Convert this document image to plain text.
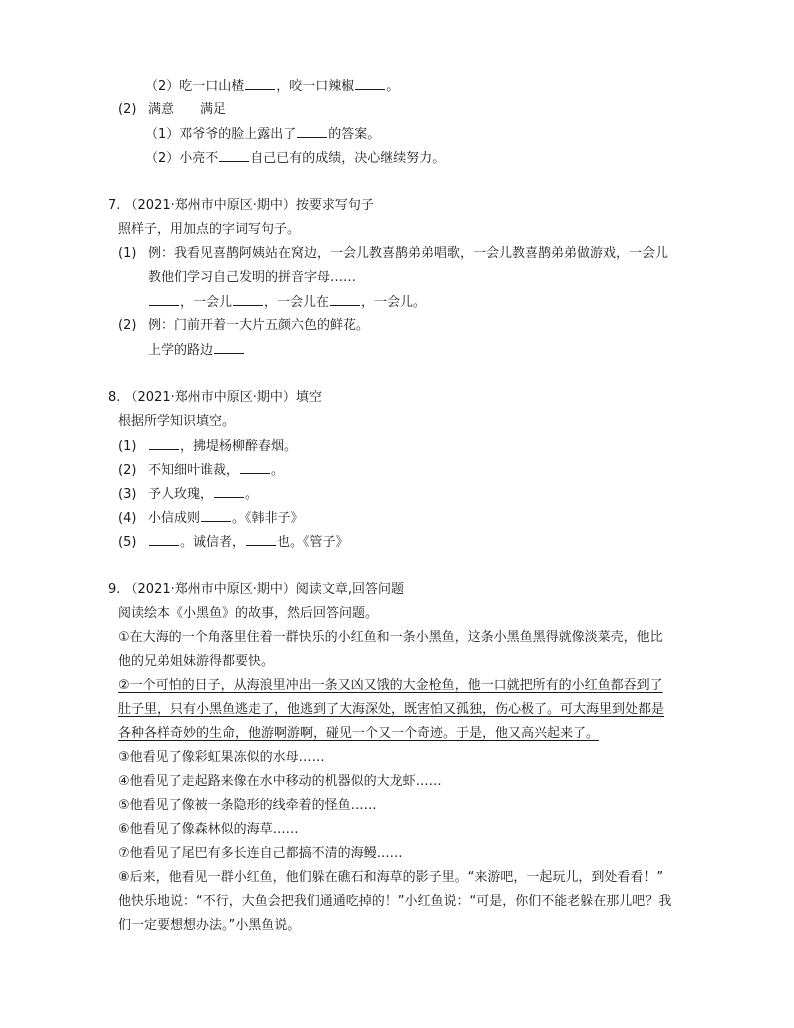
（2）吃一口山楂 ，咬一口辣椒 。
(2) 满意　　满足
（1）邓爷爷的脸上露出了 的答案。
（2）小亮不 自己已有的成绩，决心继续努力。
7. （2021·郑州市中原区·期中）按要求写句子
照样子，用加点的字词写句子。
(1) 例：我看见喜鹊阿姨站在窝边，一会儿教喜鹊弟弟唱歌，一会儿教喜鹊弟弟做游戏，一会儿
教他们学习自己发明的拼音字母……
，一会儿 ，一会儿在 ，一会儿。
(2) 例：门前开着一大片五颜六色的鲜花。
上学的路边
8. （2021·郑州市中原区·期中）填空
根据所学知识填空。
(1)	，拂堤杨柳醉春烟。
(2) 不知细叶谁裁， 。
(3) 予人玫瑰， 。
(4) 小信成则 。《韩非子》
(5)	。诚信者， 也。《管子》
9. （2021·郑州市中原区·期中）阅读文章,回答问题
阅读绘本《小黑鱼》的故事，然后回答问题。
①在大海的一个角落里住着一群快乐的小红鱼和一条小黑鱼，这条小黑鱼黑得就像淡菜壳，他比
他的兄弟姐妹游得都要快。
②一个可怕的日子，从海浪里冲出一条又凶又饿的大金枪鱼，他一口就把所有的小红鱼都吞到了
肚子里，只有小黑鱼逃走了，他逃到了大海深处，既害怕又孤独，伤心极了。可大海里到处都是
各种各样奇妙的生命，他游啊游啊，碰见一个又一个奇迹。于是，他又高兴起来了。
③他看见了像彩虹果冻似的水母……
④他看见了走起路来像在水中移动的机器似的大龙虾……
⑤他看见了像被一条隐形的线牵着的怪鱼……
⑥他看见了像森林似的海草……
⑦他看见了尾巴有多长连自己都搞不清的海鳗……
⑧后来，他看见一群小红鱼，他们躲在礁石和海草的影子里。“来游吧，一起玩儿，到处看看！”
他快乐地说：“不行，大鱼会把我们通通吃掉的！”小红鱼说：“可是，你们不能老躲在那儿吧？我
们一定要想想办法。”小黑鱼说。
